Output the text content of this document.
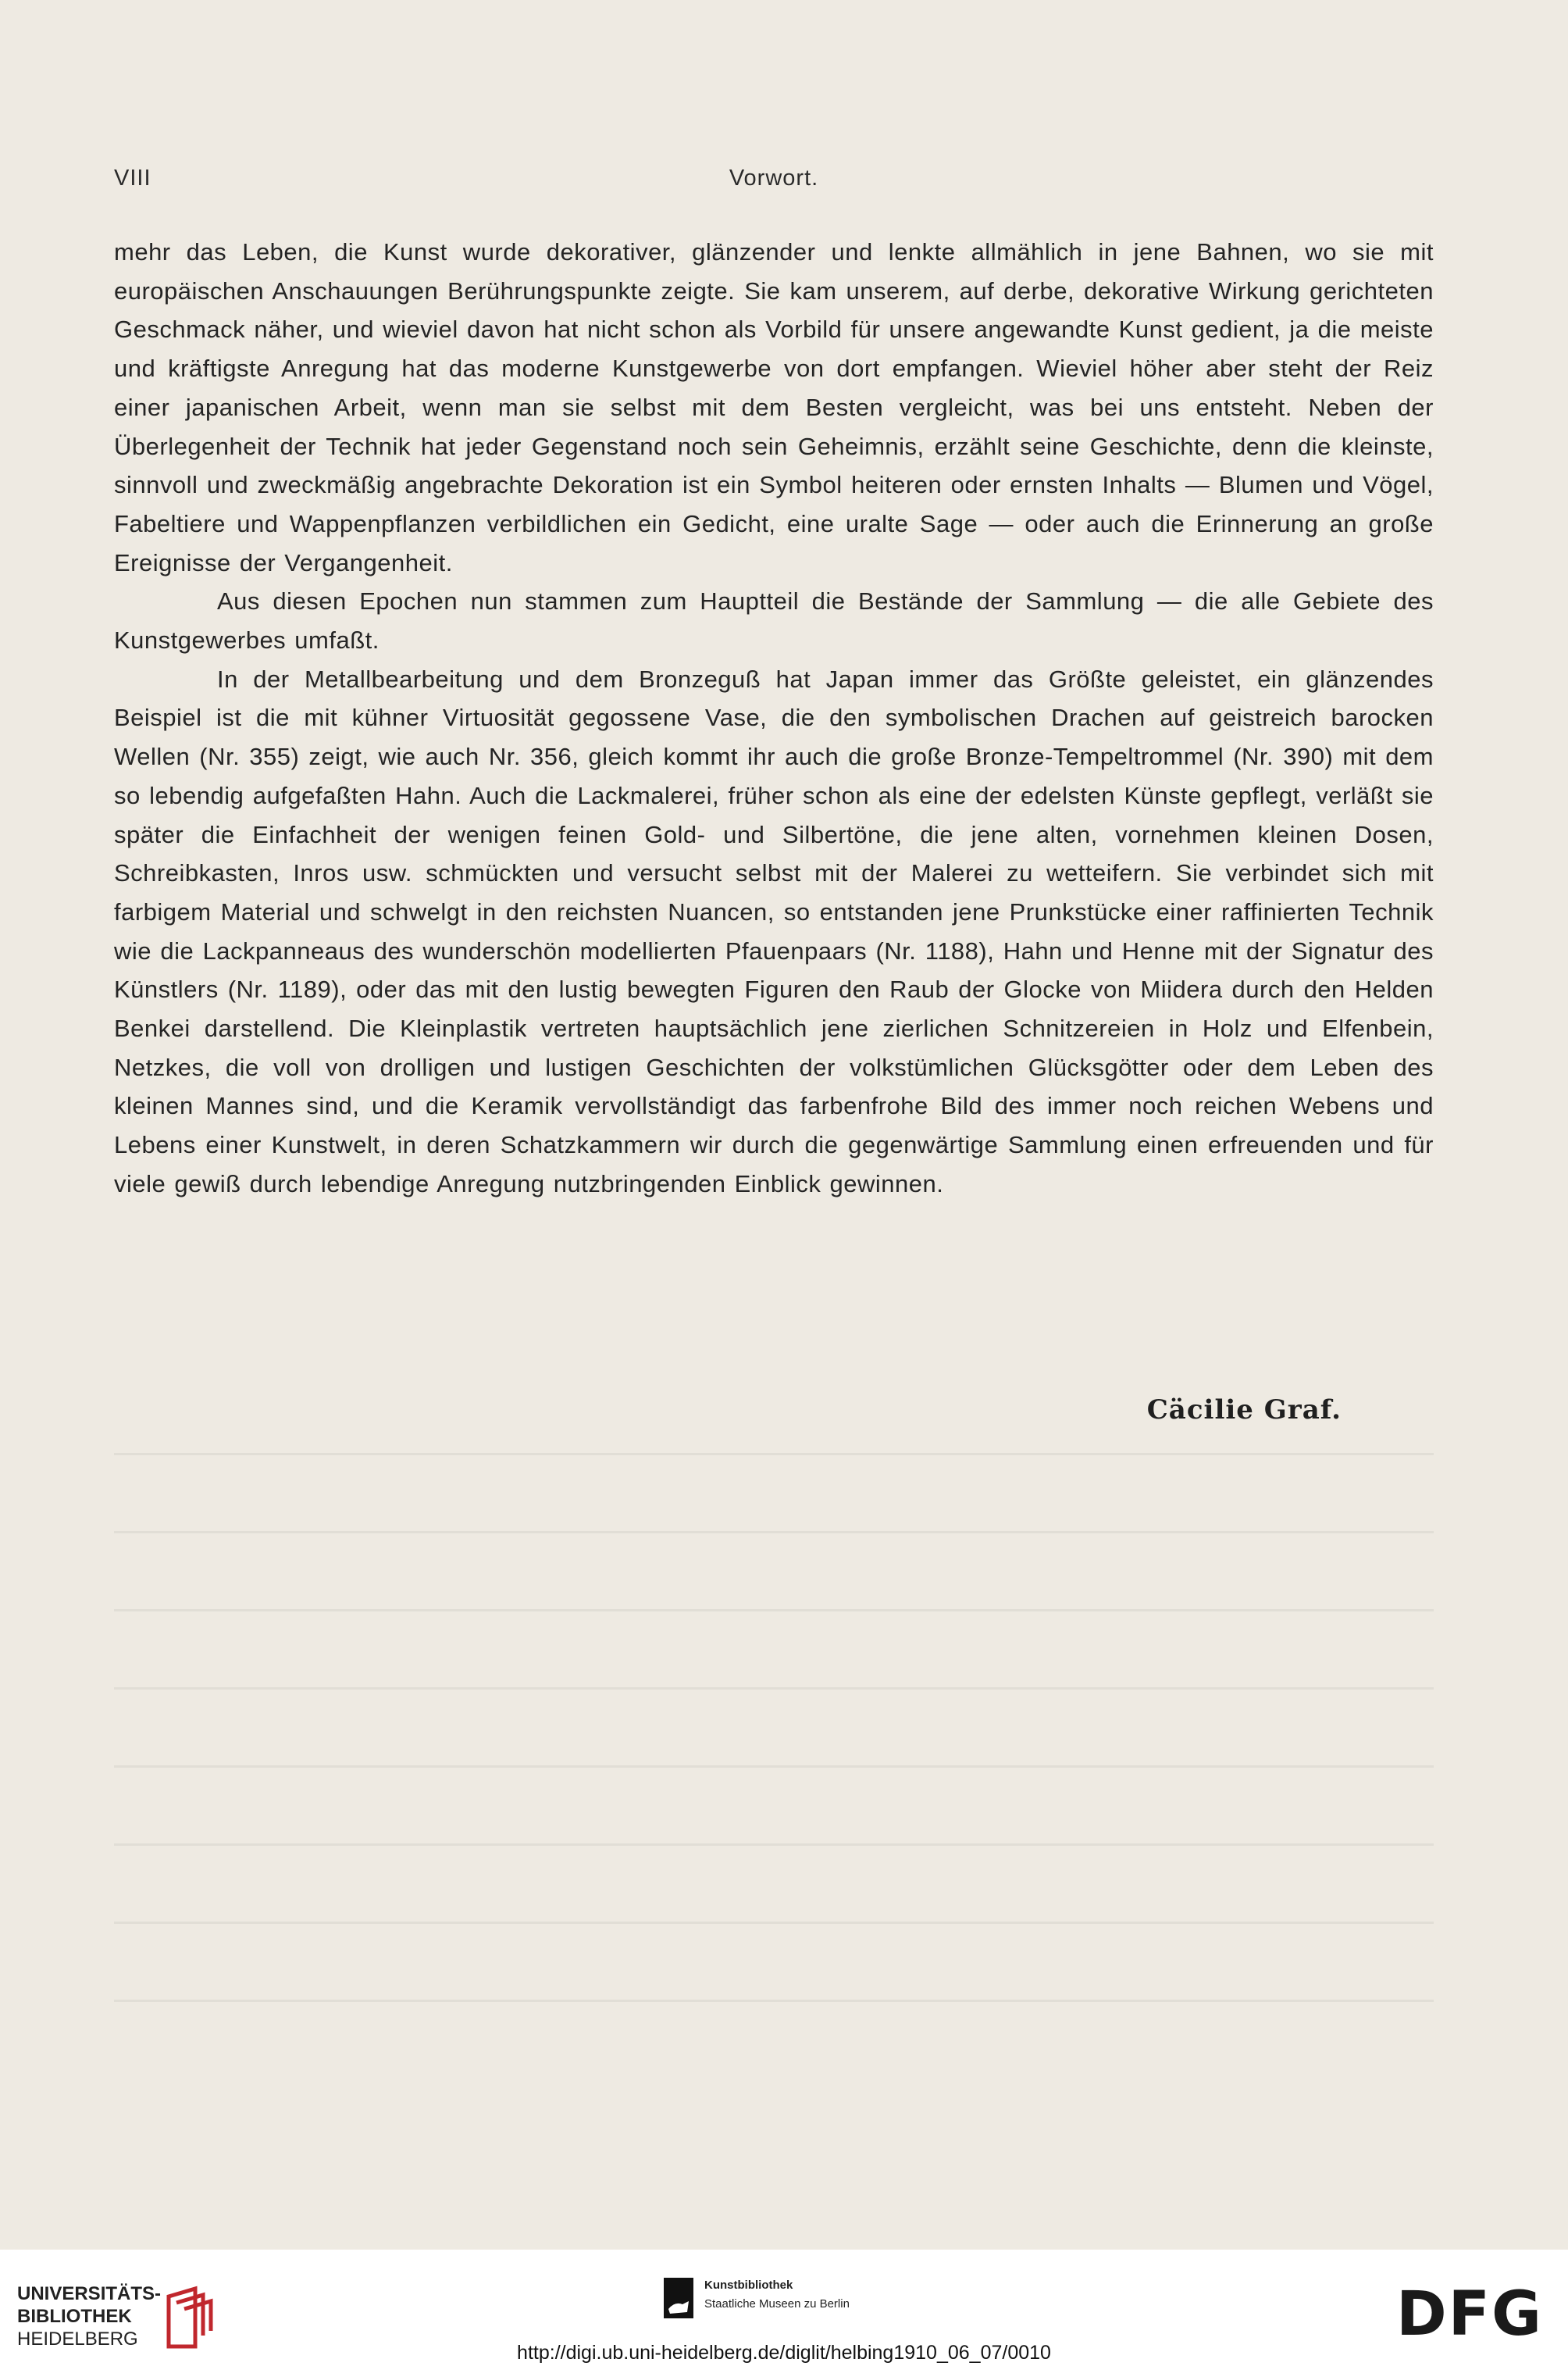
VIII	Vorwort.

mehr das Leben, die Kunst wurde dekorativer, glänzender und lenkte allmählich in jene Bahnen, wo sie mit europäischen Anschauungen Berührungspunkte zeigte. Sie kam unserem, auf derbe, dekorative Wirkung gerichteten Geschmack näher, und wieviel davon hat nicht schon als Vorbild für unsere angewandte Kunst gedient, ja die meiste und kräftigste Anregung hat das moderne Kunstgewerbe von dort empfangen. Wieviel höher aber steht der Reiz einer japanischen Arbeit, wenn man sie selbst mit dem Besten vergleicht, was bei uns entsteht. Neben der Überlegenheit der Technik hat jeder Gegenstand noch sein Geheimnis, erzählt seine Geschichte, denn die kleinste, sinnvoll und zweckmäßig angebrachte Dekoration ist ein Symbol heiteren oder ernsten Inhalts — Blumen und Vögel, Fabeltiere und Wappenpflanzen verbildlichen ein Gedicht, eine uralte Sage — oder auch die Erinnerung an große Ereignisse der Vergangenheit.

Aus diesen Epochen nun stammen zum Hauptteil die Bestände der Sammlung — die alle Gebiete des Kunstgewerbes umfaßt.

In der Metallbearbeitung und dem Bronzeguß hat Japan immer das Größte geleistet, ein glänzendes Beispiel ist die mit kühner Virtuosität gegossene Vase, die den symbolischen Drachen auf geistreich barocken Wellen (Nr. 355) zeigt, wie auch Nr. 356, gleich kommt ihr auch die große Bronze-Tempeltrommel (Nr. 390) mit dem so lebendig aufgefaßten Hahn. Auch die Lackmalerei, früher schon als eine der edelsten Künste gepflegt, verläßt sie später die Einfachheit der wenigen feinen Gold- und Silbertöne, die jene alten, vornehmen kleinen Dosen, Schreibkasten, Inros usw. schmückten und versucht selbst mit der Malerei zu wetteifern. Sie verbindet sich mit farbigem Material und schwelgt in den reichsten Nuancen, so entstanden jene Prunkstücke einer raffinierten Technik wie die Lackpanneaus des wunderschön modellierten Pfauenpaars (Nr. 1188), Hahn und Henne mit der Signatur des Künstlers (Nr. 1189), oder das mit den lustig bewegten Figuren den Raub der Glocke von Miidera durch den Helden Benkei darstellend. Die Kleinplastik vertreten hauptsächlich jene zierlichen Schnitzereien in Holz und Elfenbein, Netzkes, die voll von drolligen und lustigen Geschichten der volkstümlichen Glücksgötter oder dem Leben des kleinen Mannes sind, und die Keramik vervollständigt das farbenfrohe Bild des immer noch reichen Webens und Lebens einer Kunstwelt, in deren Schatzkammern wir durch die gegenwärtige Sammlung einen erfreuenden und für viele gewiß durch lebendige Anregung nutzbringenden Einblick gewinnen.

Cäcilie Graf.
UNIVERSITÄTS-
BIBLIOTHEK
HEIDELBERG
Kunstbibliothek
Staatliche Museen zu Berlin	DFG
http://digi.ub.uni-heidelberg.de/diglit/helbing1910_06_07/0010
